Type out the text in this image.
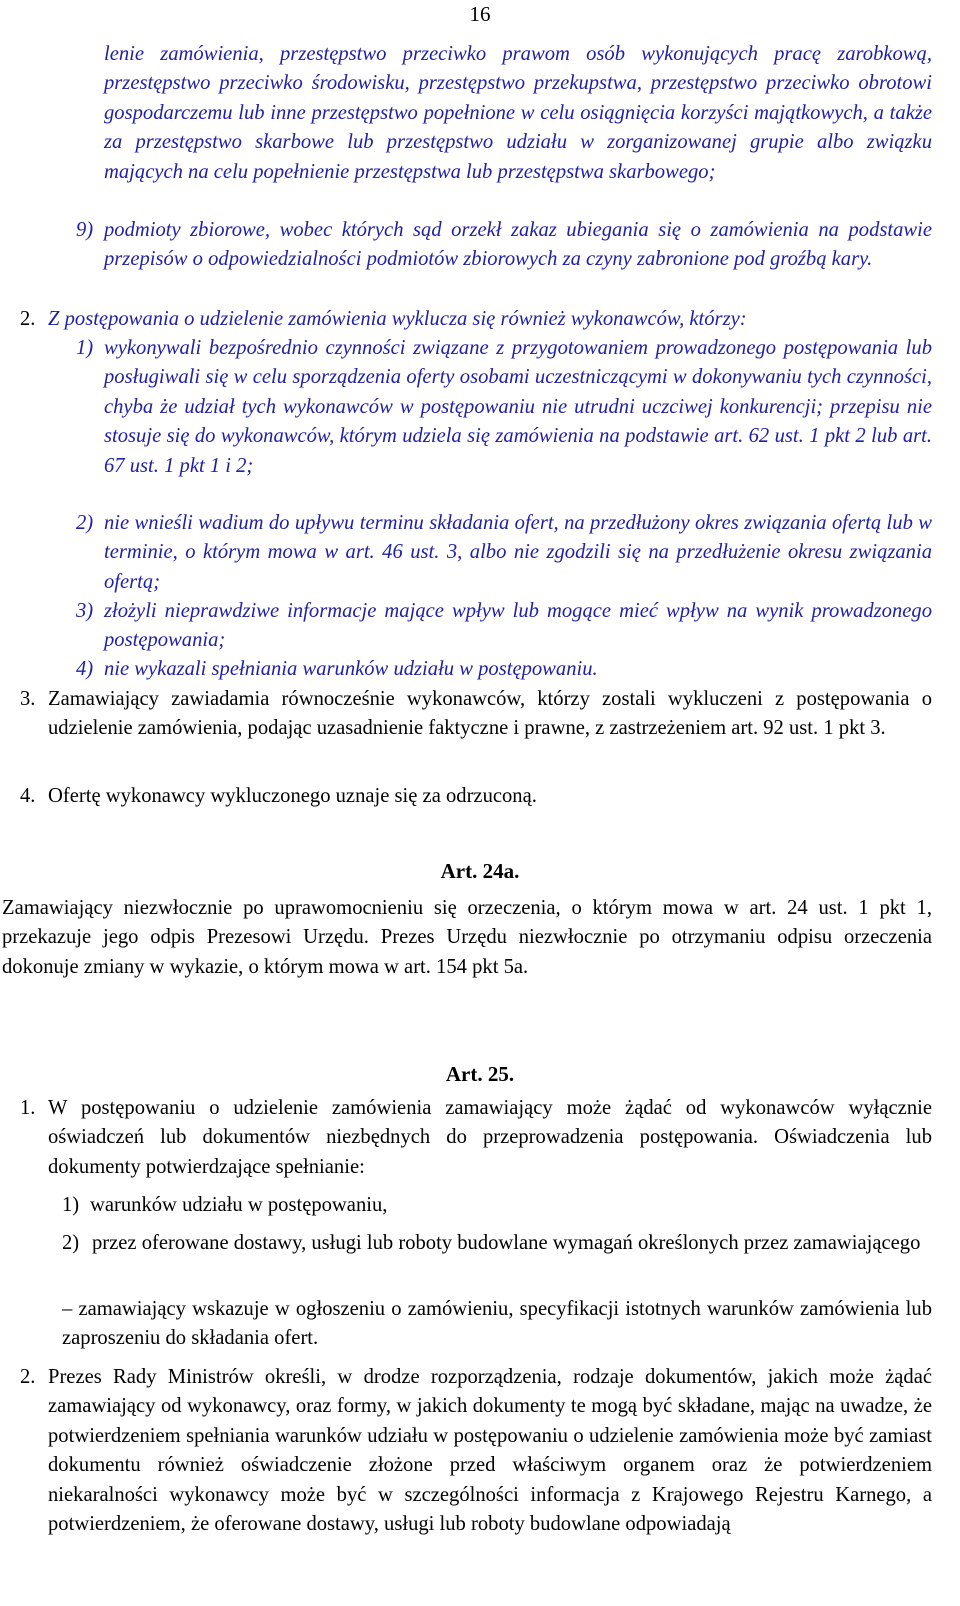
16

lenie zamówienia, przestępstwo przeciwko prawom osób wykonujących pracę zarobkową, przestępstwo przeciwko środowisku, przestępstwo przekupstwa, przestępstwo przeciwko obrotowi gospodarczemu lub inne przestępstwo popełnione w celu osiągnięcia korzyści majątkowych, a także za przestępstwo skarbowe lub przestępstwo udziału w zorganizowanej grupie albo związku mających na celu popełnienie przestępstwa lub przestępstwa skarbowego;

9) podmioty zbiorowe, wobec których sąd orzekł zakaz ubiegania się o zamówienia na podstawie przepisów o odpowiedzialności podmiotów zbiorowych za czyny zabronione pod groźbą kary.
2. Z postępowania o udzielenie zamówienia wyklucza się również wykonawców, którzy:
1) wykonywali bezpośrednio czynności związane z przygotowaniem prowadzonego postępowania lub posługiwali się w celu sporządzenia oferty osobami uczestniczącymi w dokonywaniu tych czynności, chyba że udział tych wykonawców w postępowaniu nie utrudni uczciwej konkurencji; przepisu nie stosuje się do wykonawców, którym udziela się zamówienia na podstawie art. 62 ust. 1 pkt 2 lub art. 67 ust. 1 pkt 1 i 2;
2) nie wnieśli wadium do upływu terminu składania ofert, na przedłużony okres związania ofertą lub w terminie, o którym mowa w art. 46 ust. 3, albo nie zgodzili się na przedłużenie okresu związania ofertą;
3) złożyli nieprawdziwe informacje mające wpływ lub mogące mieć wpływ na wynik prowadzonego postępowania;
4) nie wykazali spełniania warunków udziału w postępowaniu.
3. Zamawiający zawiadamia równocześnie wykonawców, którzy zostali wykluczeni z postępowania o udzielenie zamówienia, podając uzasadnienie faktyczne i prawne, z zastrzeżeniem art. 92 ust. 1 pkt 3.
4. Ofertę wykonawcy wykluczonego uznaje się za odrzuconą.
Art. 24a.

Zamawiający niezwłocznie po uprawomocnieniu się orzeczenia, o którym mowa w art. 24 ust. 1 pkt 1, przekazuje jego odpis Prezesowi Urzędu. Prezes Urzędu niezwłocznie po otrzymaniu odpisu orzeczenia dokonuje zmiany w wykazie, o którym mowa w art. 154 pkt 5a.

Art. 25.
1. W postępowaniu o udzielenie zamówienia zamawiający może żądać od wykonawców wyłącznie oświadczeń lub dokumentów niezbędnych do przeprowadzenia postępowania. Oświadczenia lub dokumenty potwierdzające spełnianie:
1) warunków udziału w postępowaniu,
2) przez oferowane dostawy, usługi lub roboty budowlane wymagań określonych przez zamawiającego

– zamawiający wskazuje w ogłoszeniu o zamówieniu, specyfikacji istotnych warunków zamówienia lub zaproszeniu do składania ofert.

2. Prezes Rady Ministrów określi, w drodze rozporządzenia, rodzaje dokumentów, jakich może żądać zamawiający od wykonawcy, oraz formy, w jakich dokumenty te mogą być składane, mając na uwadze, że potwierdzeniem spełniania warunków udziału w postępowaniu o udzielenie zamówienia może być zamiast dokumentu również oświadczenie złożone przed właściwym organem oraz że potwierdzeniem niekaralności wykonawcy może być w szczególności informacja z Krajowego Rejestru Karnego, a potwierdzeniem, że oferowane dostawy, usługi lub roboty budowlane odpowiadają
